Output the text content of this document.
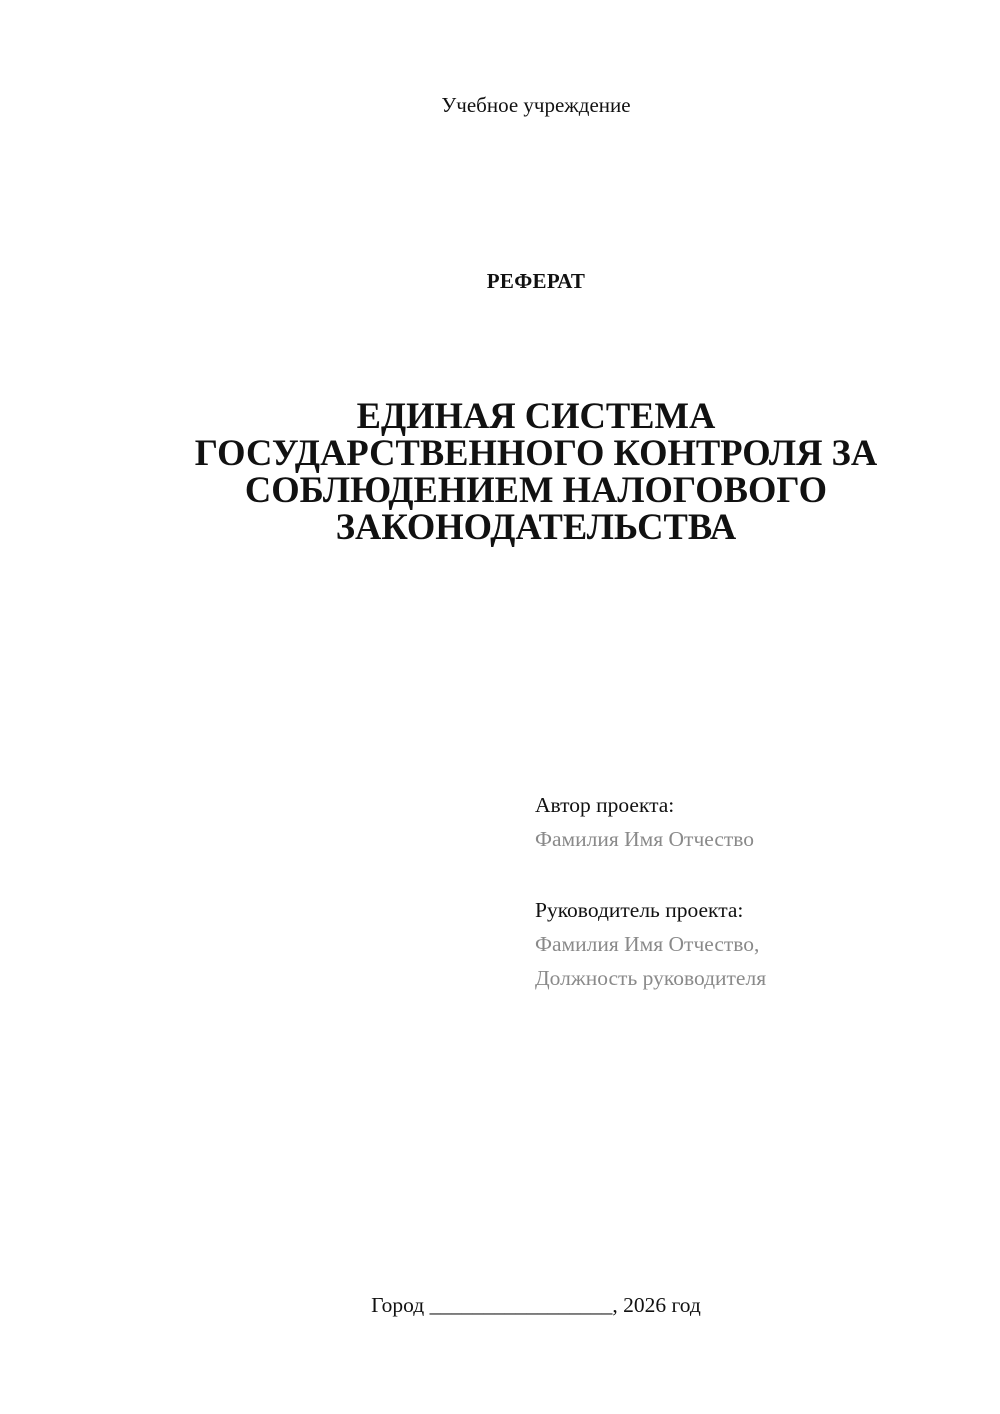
Учебное учреждение
РЕФЕРАТ
ЕДИНАЯ СИСТЕМА
ГОСУДАРСТВЕННОГО КОНТРОЛЯ ЗА
СОБЛЮДЕНИЕМ НАЛОГОВОГО
ЗАКОНОДАТЕЛЬСТВА
Автор проекта:
Фамилия Имя Отчество
Руководитель проекта:
Фамилия Имя Отчество,
Должность руководителя
Город _________________, 2026 год
